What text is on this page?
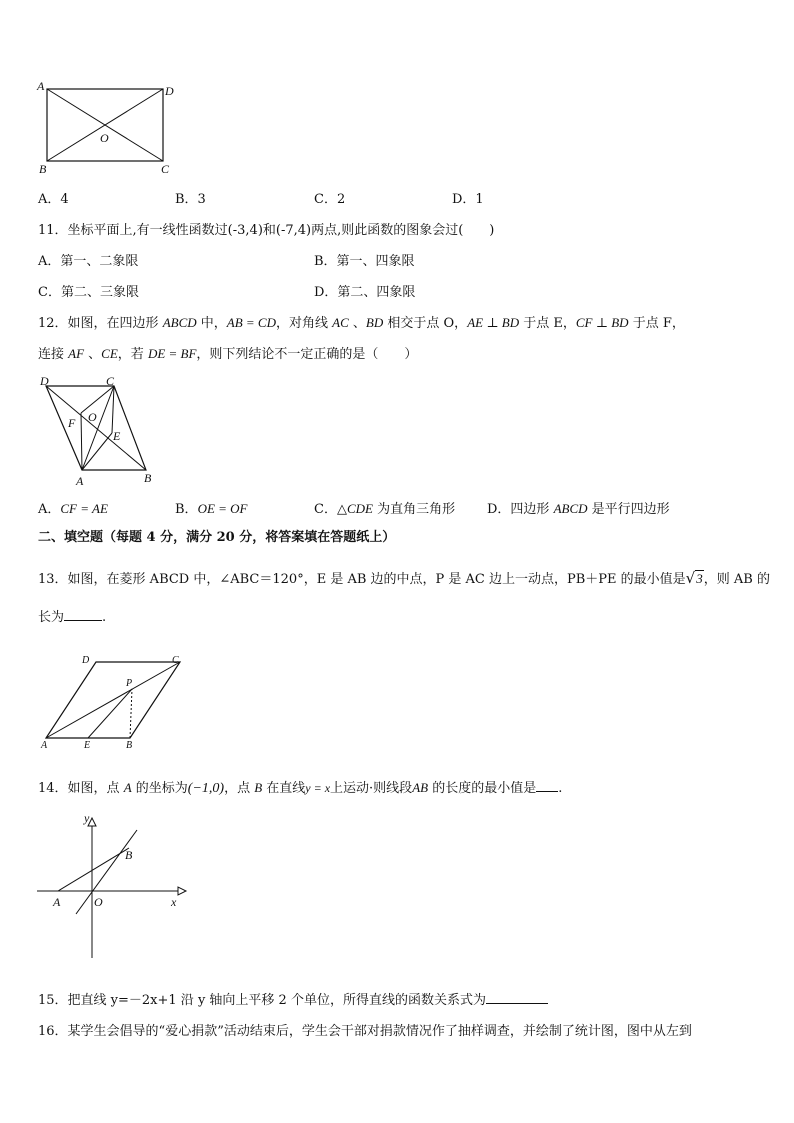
A	D
O
B	C
A．4	B．3	C．2	D．1
11．坐标平面上,有一线性函数过(-3,4)和(-7,4)两点,则此函数的图象会过(　　)
A．第一、二象限	B．第一、四象限
C．第二、三象限	D．第二、四象限
12．如图，在四边形 ABCD 中，AB = CD，对角线 AC 、BD 相交于点 O，AE ⊥ BD 于点 E，CF ⊥ BD 于点 F，
连接 AF 、CE，若 DE = BF，则下列结论不一定正确的是（　　）
D	C
O
F
E
A	B
A．CF = AE	B．OE = OF	C．△CDE 为直角三角形 D．四边形 ABCD 是平行四边形
二、填空题（每题 4 分，满分 20 分，将答案填在答题纸上）
13．如图，在菱形 ABCD 中，∠ABC＝120°，E 是 AB 边的中点，P 是 AC 边上一动点，PB＋PE 的最小值是√3，则 AB 的
长为	.
D	C
P
A	E	B
14．如图，点 A 的坐标为(−1,0)，点 B 在直线y = x上运动·则线段AB 的长度的最小值是 .
y
x
B
A	O
15．把直线 y=－2x+1 沿 y 轴向上平移 2 个单位，所得直线的函数关系式为
16．某学生会倡导的“爱心捐款”活动结束后，学生会干部对捐款情况作了抽样调查，并绘制了统计图，图中从左到
